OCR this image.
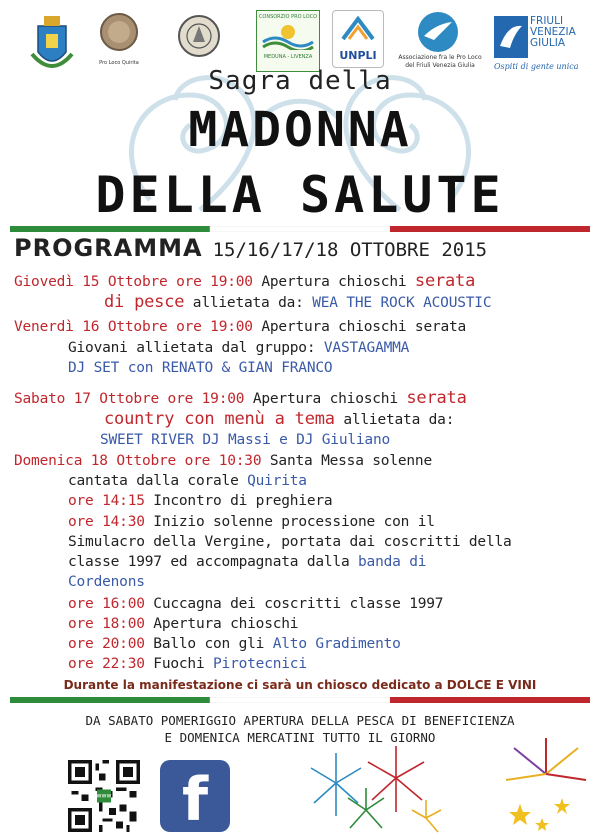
Pro Loco Quirita
CONSORZIO PRO LOCO
MEDUNA - LIVENZA	UNPLI	Associazione fra le Pro Loco
del Friuli Venezia Giulia
FRIULI
VENEZIA
GIULIA
Ospiti di gente unica
Sagra della
MADONNA
DELLA SALUTE
PROGRAMMA 15/16/17/18 OTTOBRE 2015
Giovedì 15 Ottobre ore 19:00 Apertura chioschi serata
di pesce allietata da: WEA THE ROCK ACOUSTIC
Venerdì 16 Ottobre ore 19:00 Apertura chioschi serata
Giovani allietata dal gruppo: VASTAGAMMA
DJ SET con RENATO & GIAN FRANCO
Sabato 17 Ottobre ore 19:00 Apertura chioschi serata
country con menù a tema allietata da:
SWEET RIVER DJ Massi e DJ Giuliano
Domenica 18 Ottobre ore 10:30 Santa Messa solenne
cantata dalla corale Quirita
ore 14:15 Incontro di preghiera
ore 14:30 Inizio solenne processione con il
Simulacro della Vergine, portata dai coscritti della
classe 1997 ed accompagnata dalla banda di
Cordenons
ore 16:00 Cuccagna dei coscritti classe 1997
ore 18:00 Apertura chioschi
ore 20:00 Ballo con gli Alto Gradimento
ore 22:30 Fuochi Pirotecnici
Durante la manifestazione ci sarà un chiosco dedicato a DOLCE E VINI
DA SABATO POMERIGGIO APERTURA DELLA PESCA DI BENEFICIENZA
E DOMENICA MERCATINI TUTTO IL GIORNO
www	f
